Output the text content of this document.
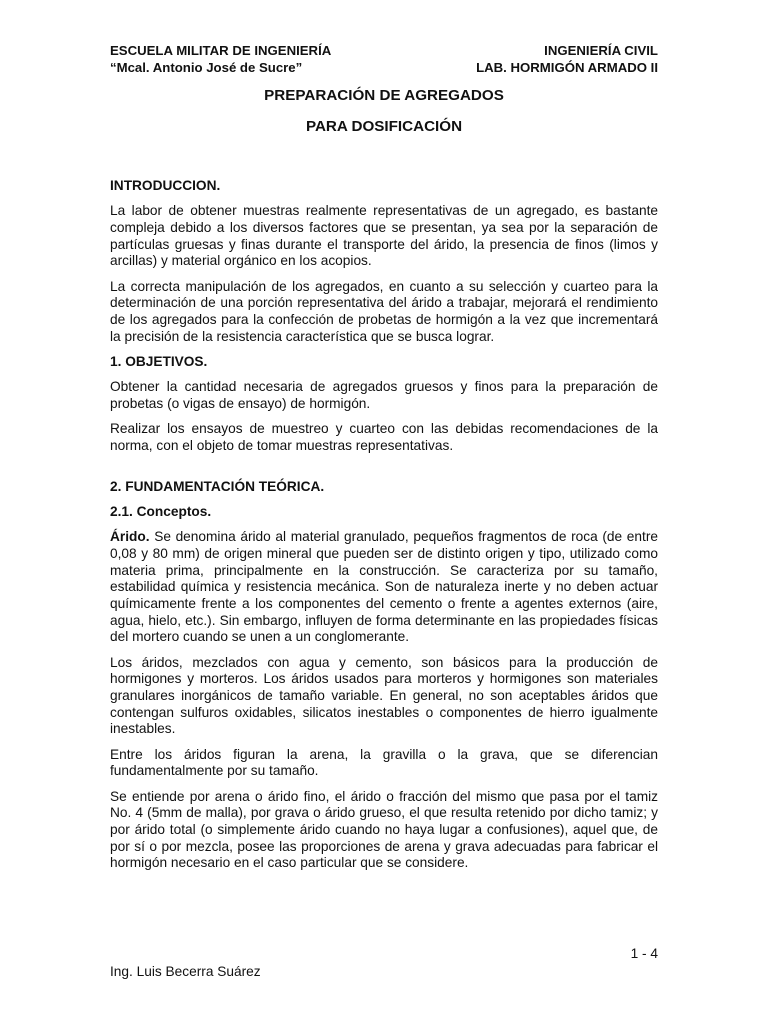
ESCUELA MILITAR DE INGENIERÍA
“Mcal. Antonio José de Sucre”
INGENIERÍA CIVIL
LAB. HORMIGÓN ARMADO II
PREPARACIÓN DE AGREGADOS
PARA DOSIFICACIÓN
INTRODUCCION.

La labor de obtener muestras realmente representativas de un agregado, es bastante compleja debido a los diversos factores que se presentan, ya sea por la separación de partículas gruesas y finas durante el transporte del árido, la presencia de finos (limos y arcillas) y material orgánico en los acopios.

La correcta manipulación de los agregados, en cuanto a su selección y cuarteo para la determinación de una porción representativa del árido a trabajar, mejorará el rendimiento de los agregados para la confección de probetas de hormigón a la vez que incrementará la precisión de la resistencia característica que se busca lograr.

1. OBJETIVOS.

Obtener la cantidad necesaria de agregados gruesos y finos para la preparación de probetas (o vigas de ensayo) de hormigón.

Realizar los ensayos de muestreo y cuarteo con las debidas recomendaciones de la norma, con el objeto de tomar muestras representativas.

2. FUNDAMENTACIÓN TEÓRICA.
2.1. Conceptos.

Árido. Se denomina árido al material granulado, pequeños fragmentos de roca (de entre 0,08 y 80 mm) de origen mineral que pueden ser de distinto origen y tipo, utilizado como materia prima, principalmente en la construcción. Se caracteriza por su tamaño, estabilidad química y resistencia mecánica. Son de naturaleza inerte y no deben actuar químicamente frente a los componentes del cemento o frente a agentes externos (aire, agua, hielo, etc.). Sin embargo, influyen de forma determinante en las propiedades físicas del mortero cuando se unen a un conglomerante.

Los áridos, mezclados con agua y cemento, son básicos para la producción de hormigones y morteros. Los áridos usados para morteros y hormigones son materiales granulares inorgánicos de tamaño variable. En general, no son aceptables áridos que contengan sulfuros oxidables, silicatos inestables o componentes de hierro igualmente inestables.

Entre los áridos figuran la arena, la gravilla o la grava, que se diferencian fundamentalmente por su tamaño.

Se entiende por arena o árido fino, el árido o fracción del mismo que pasa por el tamiz No. 4 (5mm de malla), por grava o árido grueso, el que resulta retenido por dicho tamiz; y por árido total (o simplemente árido cuando no haya lugar a confusiones), aquel que, de por sí o por mezcla, posee las proporciones de arena y grava adecuadas para fabricar el hormigón necesario en el caso particular que se considere.

1 - 4
Ing. Luis Becerra Suárez
